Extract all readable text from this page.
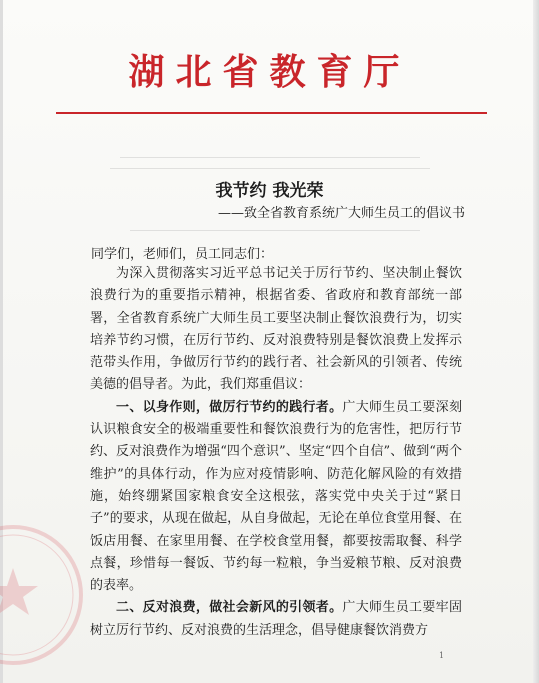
湖北省教育厅
我节约 我光荣
——致全省教育系统广大师生员工的倡议书
同学们，老师们，员工同志们：

为深入贯彻落实习近平总书记关于厉行节约、坚决制止餐饮浪费行为的重要指示精神，根据省委、省政府和教育部统一部署，全省教育系统广大师生员工要坚决制止餐饮浪费行为，切实培养节约习惯，在厉行节约、反对浪费特别是餐饮浪费上发挥示范带头作用，争做厉行节约的践行者、社会新风的引领者、传统美德的倡导者。为此，我们郑重倡议：

一、以身作则，做厉行节约的践行者。广大师生员工要深刻认识粮食安全的极端重要性和餐饮浪费行为的危害性，把厉行节约、反对浪费作为增强“四个意识”、坚定“四个自信”、做到“两个维护”的具体行动，作为应对疫情影响、防范化解风险的有效措施，始终绷紧国家粮食安全这根弦，落实党中央关于过“紧日子”的要求，从现在做起，从自身做起，无论在单位食堂用餐、在饭店用餐、在家里用餐、在学校食堂用餐，都要按需取餐、科学点餐，珍惜每一餐饭、节约每一粒粮，争当爱粮节粮、反对浪费的表率。

二、反对浪费，做社会新风的引领者。广大师生员工要牢固树立厉行节约、反对浪费的生活理念，倡导健康餐饮消费方

1
